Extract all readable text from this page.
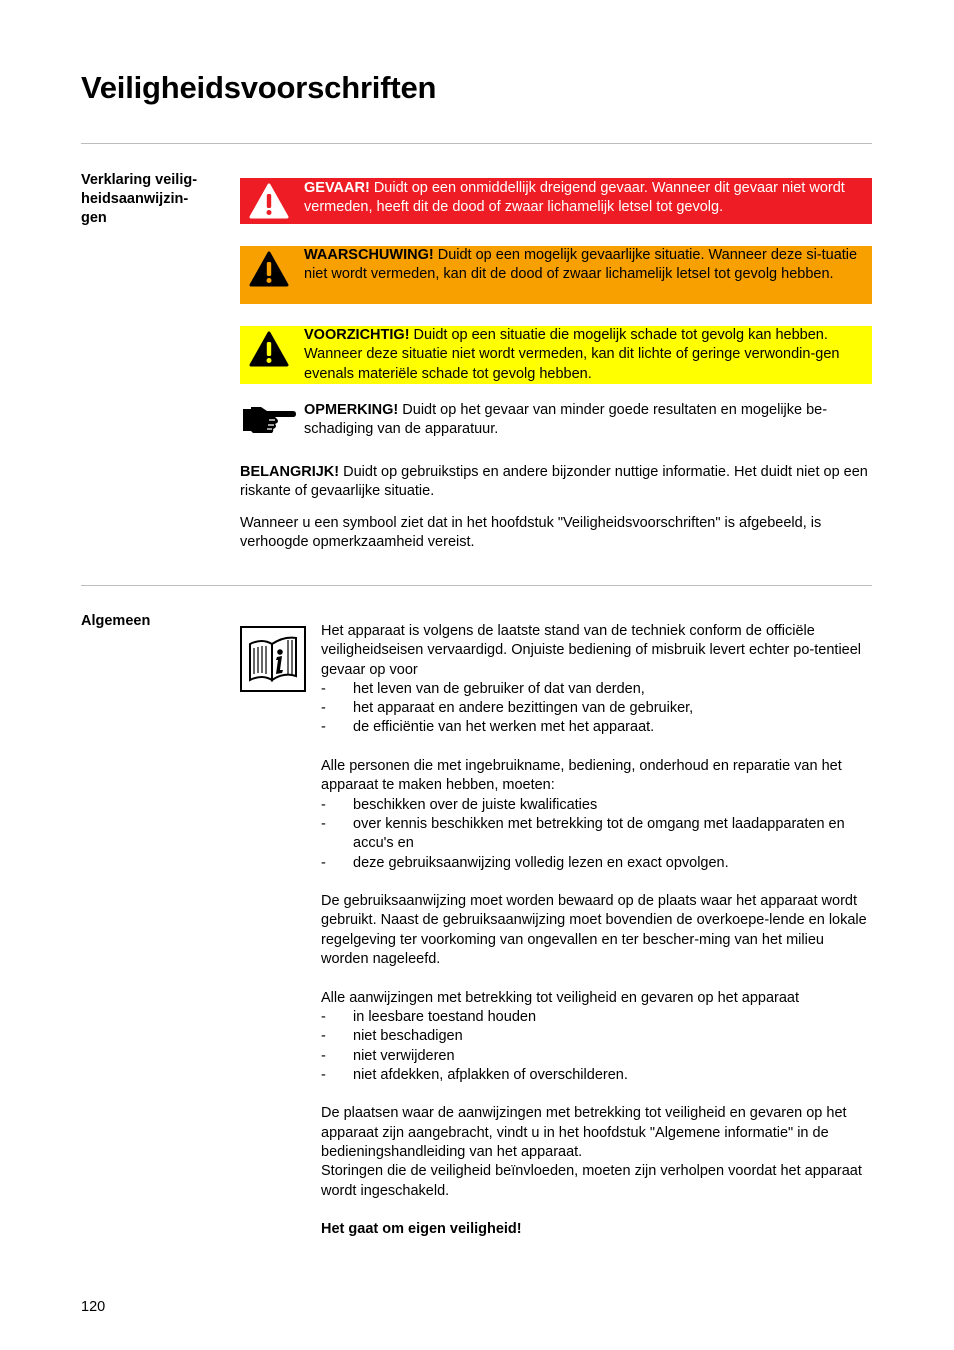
Veiligheidsvoorschriften
Verklaring veilig-
heidsaanwijzin-
gen
GEVAAR! Duidt op een onmiddellijk dreigend gevaar. Wanneer dit gevaar niet wordt vermeden, heeft dit de dood of zwaar lichamelijk letsel tot gevolg.
WAARSCHUWING! Duidt op een mogelijk gevaarlijke situatie. Wanneer deze si-tuatie niet wordt vermeden, kan dit de dood of zwaar lichamelijk letsel tot gevolg hebben.
VOORZICHTIG! Duidt op een situatie die mogelijk schade tot gevolg kan hebben. Wanneer deze situatie niet wordt vermeden, kan dit lichte of geringe verwondin-gen evenals materiële schade tot gevolg hebben.
OPMERKING! Duidt op het gevaar van minder goede resultaten en mogelijke be-schadiging van de apparatuur.
BELANGRIJK! Duidt op gebruikstips en andere bijzonder nuttige informatie. Het duidt niet op een riskante of gevaarlijke situatie.
Wanneer u een symbool ziet dat in het hoofdstuk "Veiligheidsvoorschriften" is afgebeeld, is verhoogde opmerkzaamheid vereist.
Algemeen
Het apparaat is volgens de laatste stand van de techniek conform de officiële veiligheidseisen vervaardigd. Onjuiste bediening of misbruik levert echter po-tentieel gevaar op voor
- het leven van de gebruiker of dat van derden,
- het apparaat en andere bezittingen van de gebruiker,
- de efficiëntie van het werken met het apparaat.
Alle personen die met ingebruikname, bediening, onderhoud en reparatie van het apparaat te maken hebben, moeten:
- beschikken over de juiste kwalificaties
- over kennis beschikken met betrekking tot de omgang met laadapparaten en accu's en
- deze gebruiksaanwijzing volledig lezen en exact opvolgen.
De gebruiksaanwijzing moet worden bewaard op de plaats waar het apparaat wordt gebruikt. Naast de gebruiksaanwijzing moet bovendien de overkoepe-lende en lokale regelgeving ter voorkoming van ongevallen en ter bescher-ming van het milieu worden nageleefd.
Alle aanwijzingen met betrekking tot veiligheid en gevaren op het apparaat
- in leesbare toestand houden
- niet beschadigen
- niet verwijderen
- niet afdekken, afplakken of overschilderen.
De plaatsen waar de aanwijzingen met betrekking tot veiligheid en gevaren op het apparaat zijn aangebracht, vindt u in het hoofdstuk "Algemene informatie" in de bedieningshandleiding van het apparaat.
Storingen die de veiligheid beïnvloeden, moeten zijn verholpen voordat het apparaat wordt ingeschakeld.
Het gaat om eigen veiligheid!
120
